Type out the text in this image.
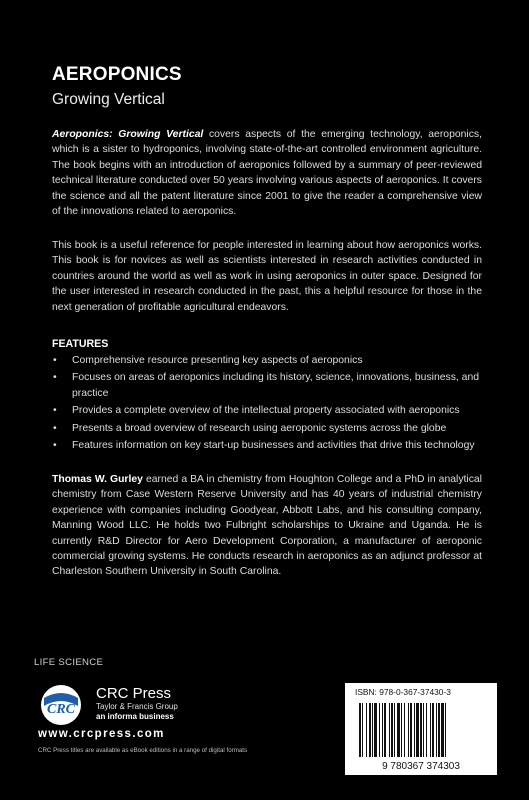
AEROPONICS
Growing Vertical
Aeroponics: Growing Vertical covers aspects of the emerging technology, aeroponics, which is a sister to hydroponics, involving state-of-the-art controlled environment agriculture. The book begins with an introduction of aeroponics followed by a summary of peer-reviewed technical literature conducted over 50 years involving various aspects of aeroponics. It covers the science and all the patent literature since 2001 to give the reader a comprehensive view of the innovations related to aeroponics.
This book is a useful reference for people interested in learning about how aeroponics works. This book is for novices as well as scientists interested in research activities conducted in countries around the world as well as work in using aeroponics in outer space. Designed for the user interested in research conducted in the past, this a helpful resource for those in the next generation of profitable agricultural endeavors.
FEATURES
• Comprehensive resource presenting key aspects of aeroponics
• Focuses on areas of aeroponics including its history, science, innovations, business, and practice
• Provides a complete overview of the intellectual property associated with aeroponics
• Presents a broad overview of research using aeroponic systems across the globe
• Features information on key start-up businesses and activities that drive this technology
Thomas W. Gurley earned a BA in chemistry from Houghton College and a PhD in analytical chemistry from Case Western Reserve University and has 40 years of industrial chemistry experience with companies including Goodyear, Abbott Labs, and his consulting company, Manning Wood LLC. He holds two Fulbright scholarships to Ukraine and Uganda. He is currently R&D Director for Aero Development Corporation, a manufacturer of aeroponic commercial growing systems. He conducts research in aeroponics as an adjunct professor at Charleston Southern University in South Carolina.
LIFE SCIENCE
CRC
CRC Press
Taylor & Francis Group
an informa business
www.crcpress.com
CRC Press titles are available as eBook editions in a range of digital formats
ISBN: 978-0-367-37430-3
9 780367 374303
